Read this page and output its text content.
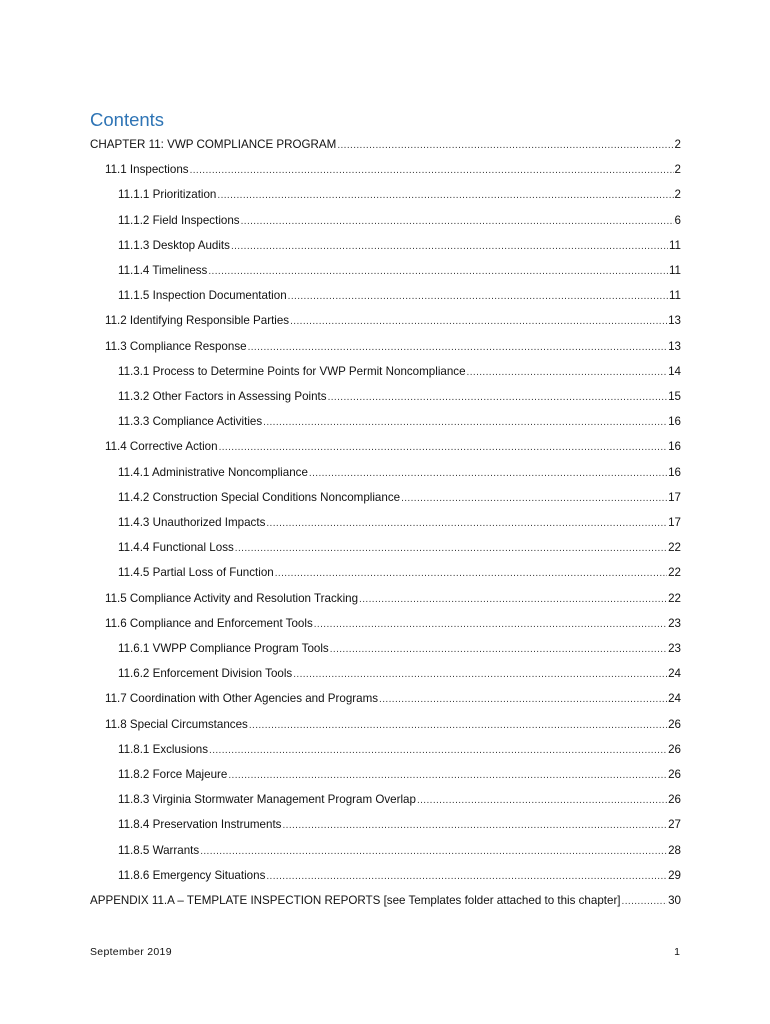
Contents
CHAPTER 11: VWP COMPLIANCE PROGRAM .....	2
11.1 Inspections .....	2
11.1.1 Prioritization .....	2
11.1.2 Field Inspections .....	6
11.1.3 Desktop Audits .....	11
11.1.4 Timeliness .....	11
11.1.5 Inspection Documentation .....	11
11.2 Identifying Responsible Parties .....	13
11.3 Compliance Response .....	13
11.3.1 Process to Determine Points for VWP Permit Noncompliance .....	14
11.3.2 Other Factors in Assessing Points .....	15
11.3.3 Compliance Activities .....	16
11.4 Corrective Action .....	16
11.4.1 Administrative Noncompliance .....	16
11.4.2 Construction Special Conditions Noncompliance .....	17
11.4.3 Unauthorized Impacts .....	17
11.4.4 Functional Loss .....	22
11.4.5 Partial Loss of Function .....	22
11.5 Compliance Activity and Resolution Tracking .....	22
11.6 Compliance and Enforcement Tools .....	23
11.6.1 VWPP Compliance Program Tools .....	23
11.6.2 Enforcement Division Tools .....	24
11.7 Coordination with Other Agencies and Programs .....	24
11.8 Special Circumstances .....	26
11.8.1 Exclusions .....	26
11.8.2 Force Majeure .....	26
11.8.3 Virginia Stormwater Management Program Overlap .....	26
11.8.4 Preservation Instruments .....	27
11.8.5 Warrants .....	28
11.8.6 Emergency Situations .....	29
APPENDIX 11.A – TEMPLATE INSPECTION REPORTS [see Templates folder attached to this chapter] .....	30
September 2019	1
